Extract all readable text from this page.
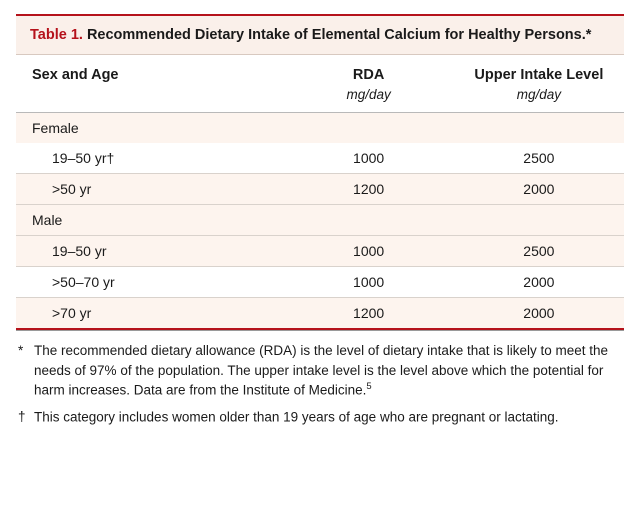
Table 1. Recommended Dietary Intake of Elemental Calcium for Healthy Persons.*
Sex and Age	RDA	Upper Intake Level
	mg/day	mg/day

Female		
19–50 yr†	1000	2500
>50 yr	1200	2000
Male		
19–50 yr	1000	2500
>50–70 yr	1000	2000
>70 yr	1200	2000
* The recommended dietary allowance (RDA) is the level of dietary intake that is likely to meet the needs of 97% of the population. The upper intake level is the level above which the potential for harm increases. Data are from the Institute of Medicine.$^5$
† This category includes women older than 19 years of age who are pregnant or lactating.
